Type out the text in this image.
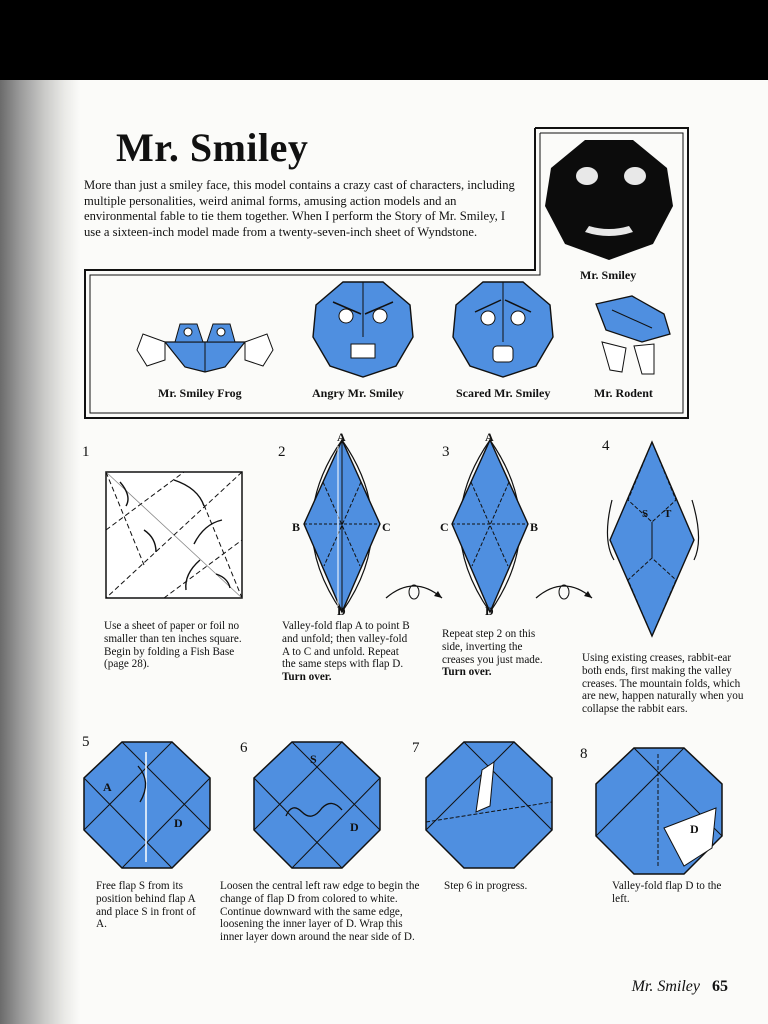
Mr. Smiley
More than just a smiley face, this model contains a crazy cast of characters, including multiple personalities, weird animal forms, amusing action models and an environmental fable to tie them together. When I perform the Story of Mr. Smiley, I use a sixteen-inch model made from a twenty-seven-inch sheet of Wyndstone.
Mr. Smiley
Mr. Smiley Frog	Angry Mr. Smiley	Scared Mr. Smiley	Mr. Rodent
1	2	3	4
5	6	7	8
A
B	C
D
A
C	B
D
S T
Use a sheet of paper or foil no smaller than ten inches square. Begin by folding a Fish Base (page 28).
Valley-fold flap A to point B and unfold; then valley-fold A to C and unfold. Repeat the same steps with flap D.
Turn over.
Repeat step 2 on this side, inverting the creases you just made.
Turn over.
Using existing creases, rabbit-ear both ends, first making the valley creases. The mountain folds, which are new, happen naturally when you collapse the rabbit ears.
A
D
S
D	D
Free flap S from its position behind flap A and place S in front of A.
Loosen the central left raw edge to begin the change of flap D from colored to white. Continue downward with the same edge, loosening the inner layer of D. Wrap this inner layer down around the near side of D.
Step 6 in progress.	Valley-fold flap D to the left.
Mr. Smiley 65
